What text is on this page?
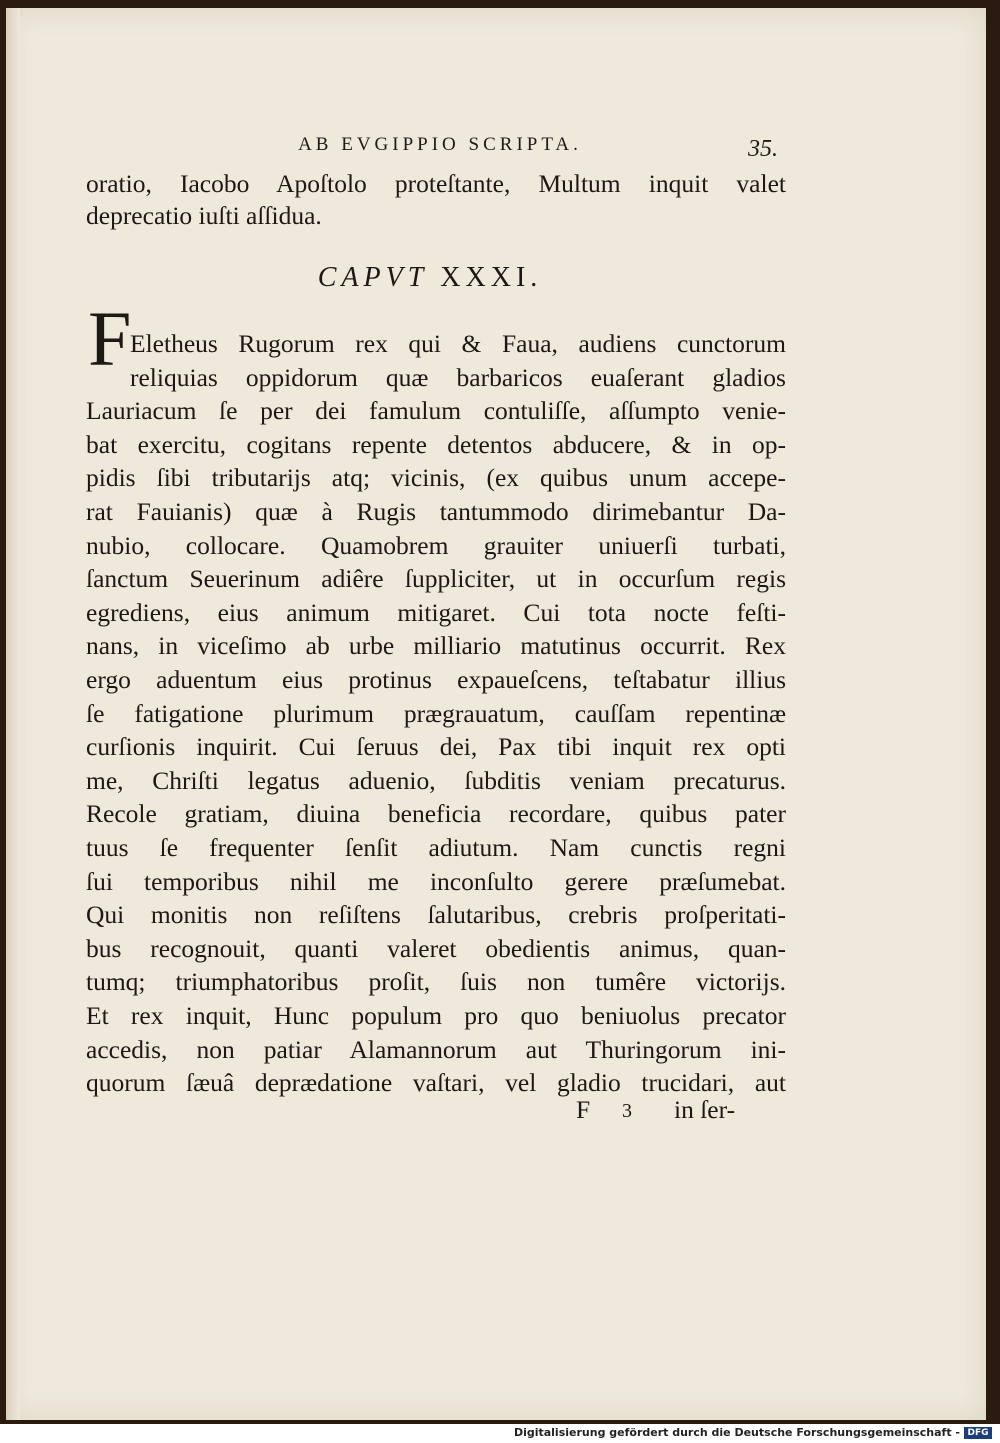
AB EVGIPPIO SCRIPTA.	35.
oratio, Iacobo Apoſtolo proteſtante, Multum inquit valet
deprecatio iuſti aſſidua.
CAPVT XXXI.
F
Eletheus Rugorum rex qui & Faua, audiens cunctorum
reliquias oppidorum quæ barbaricos euaſerant gladios
Lauriacum ſe per dei famulum contuliſſe, aſſumpto venie-
bat exercitu, cogitans repente detentos abducere, & in op-
pidis ſibi tributarijs atq; vicinis, (ex quibus unum accepe-
rat Fauianis) quæ à Rugis tantummodo dirimebantur Da-
nubio, collocare. Quamobrem grauiter uniuerſi turbati,
ſanctum Seuerinum adiêre ſuppliciter, ut in occurſum regis
egrediens, eius animum mitigaret. Cui tota nocte feſti-
nans, in viceſimo ab urbe milliario matutinus occurrit. Rex
ergo aduentum eius protinus expaueſcens, teſtabatur illius
ſe fatigatione plurimum prægrauatum, cauſſam repentinæ
curſionis inquirit. Cui ſeruus dei, Pax tibi inquit rex opti
me, Chriſti legatus aduenio, ſubditis veniam precaturus.
Recole gratiam, diuina beneficia recordare, quibus pater
tuus ſe frequenter ſenſit adiutum. Nam cunctis regni
ſui temporibus nihil me inconſulto gerere præſumebat.
Qui monitis non reſiſtens ſalutaribus, crebris proſperitati-
bus recognouit, quanti valeret obedientis animus, quan-
tumq; triumphatoribus proſit, ſuis non tumêre victorijs.
Et rex inquit, Hunc populum pro quo beniuolus precator
accedis, non patiar Alamannorum aut Thuringorum ini-
quorum ſæuâ deprædatione vaſtari, vel gladio trucidari, aut
F 3 in ſer-
Digitalisierung gefördert durch die Deutsche Forschungsgemeinschaft - DFG
